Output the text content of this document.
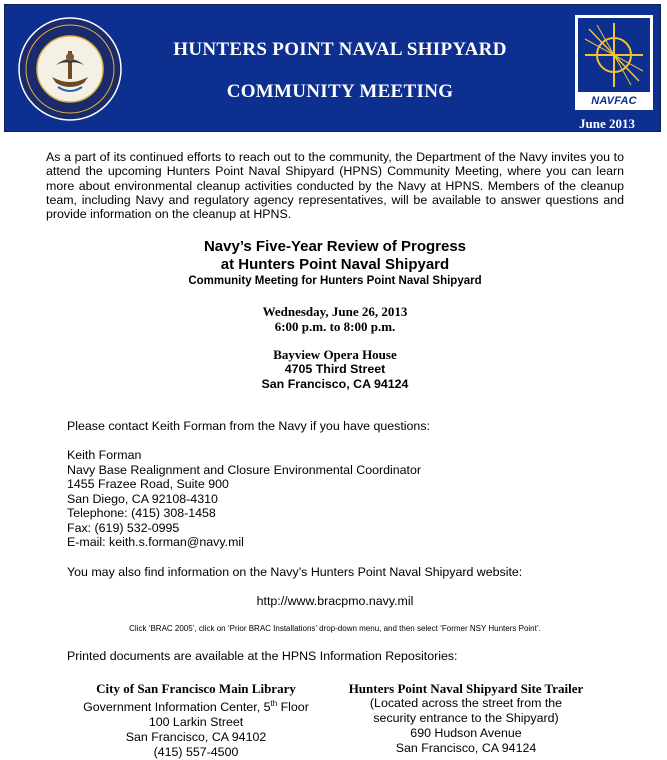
HUNTERS POINT NAVAL SHIPYARD
COMMUNITY MEETING	NAVFAC
June 2013
As a part of its continued efforts to reach out to the community, the Department of the Navy invites you to attend the upcoming Hunters Point Naval Shipyard (HPNS) Community Meeting, where you can learn more about environmental cleanup activities conducted by the Navy at HPNS. Members of the cleanup team, including Navy and regulatory agency representatives, will be available to answer questions and provide information on the cleanup at HPNS.
Navy’s Five-Year Review of Progress
at Hunters Point Naval Shipyard
Community Meeting for Hunters Point Naval Shipyard
Wednesday, June 26, 2013
6:00 p.m. to 8:00 p.m.
Bayview Opera House
4705 Third Street
San Francisco, CA 94124
Please contact Keith Forman from the Navy if you have questions:
Keith Forman
Navy Base Realignment and Closure Environmental Coordinator
1455 Frazee Road, Suite 900
San Diego, CA 92108-4310
Telephone: (415) 308-1458
Fax: (619) 532-0995
E-mail: keith.s.forman@navy.mil
You may also find information on the Navy’s Hunters Point Naval Shipyard website:
http://www.bracpmo.navy.mil
Click ‘BRAC 2005’, click on ‘Prior BRAC Installations’ drop-down menu, and then select ‘Former NSY Hunters Point’.
Printed documents are available at the HPNS Information Repositories:
City of San Francisco Main Library
Government Information Center, 5th Floor
100 Larkin Street
San Francisco, CA 94102
(415) 557-4500
Hunters Point Naval Shipyard Site Trailer
(Located across the street from the
security entrance to the Shipyard)
690 Hudson Avenue
San Francisco, CA 94124
